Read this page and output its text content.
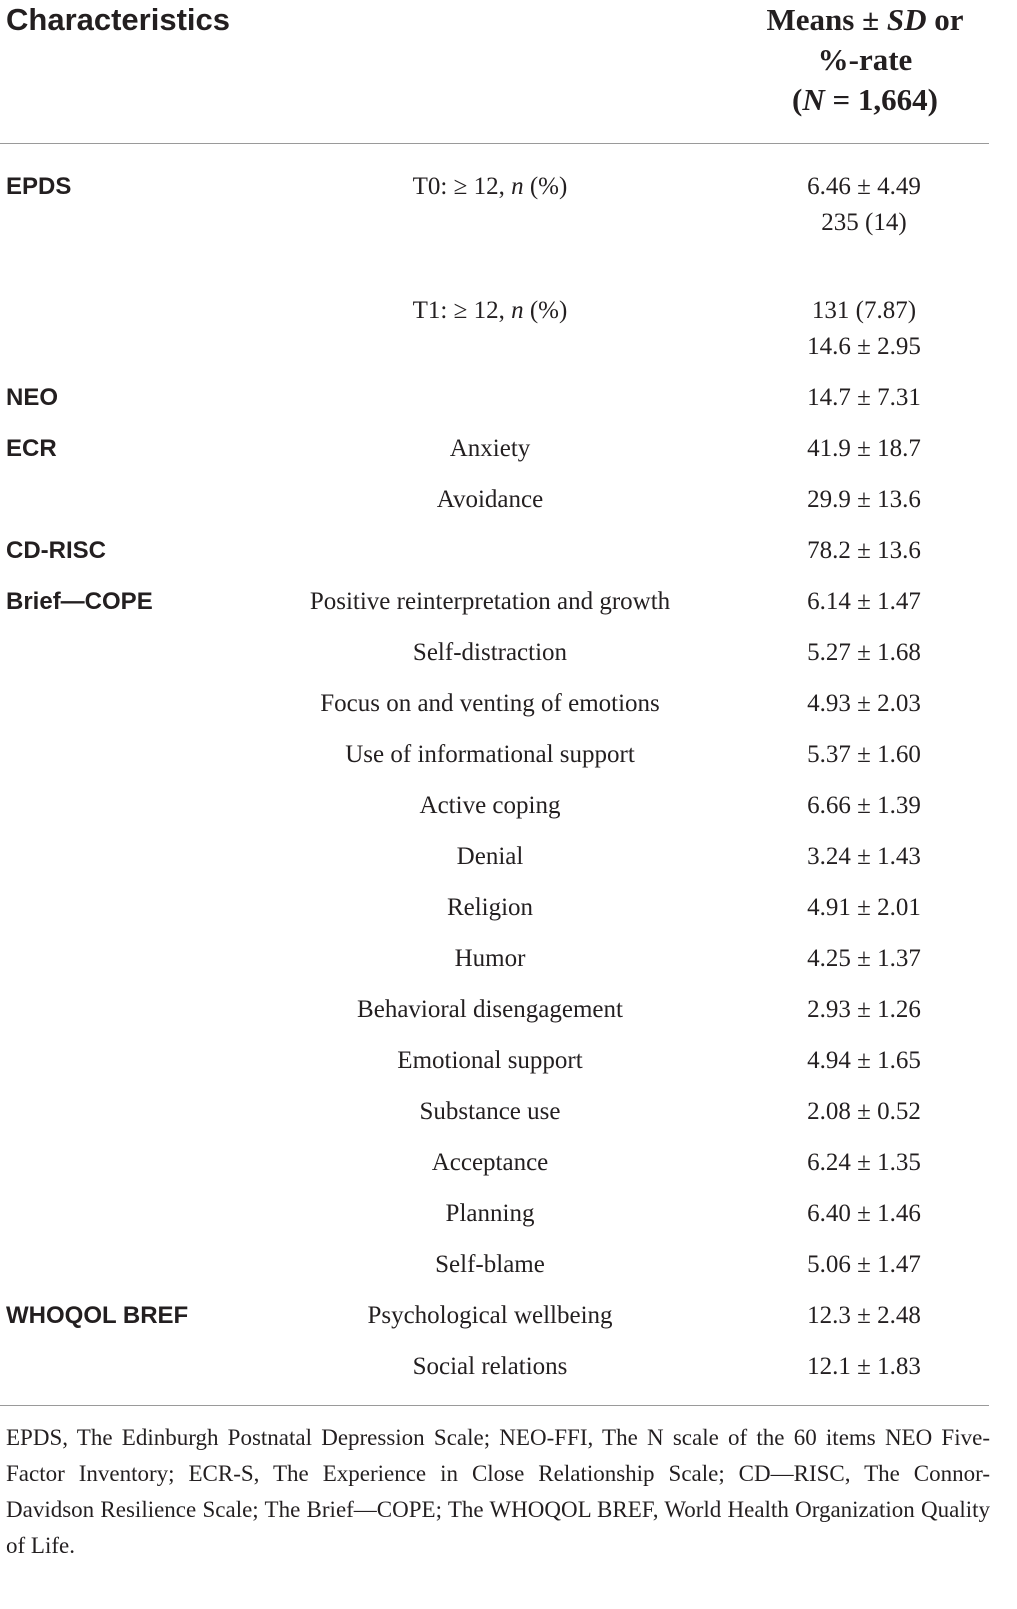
Characteristics	Means ± SD or
%-rate
(N = 1,664)
EPDS	T0: ≥ 12, n (%)	6.46 ± 4.49
235 (14)
T1: ≥ 12, n (%)	131 (7.87)
14.6 ± 2.95
NEO	14.7 ± 7.31
ECR	Anxiety	41.9 ± 18.7
Avoidance	29.9 ± 13.6
CD-RISC	78.2 ± 13.6
Brief—COPE	Positive reinterpretation and growth	6.14 ± 1.47
Self-distraction	5.27 ± 1.68
Focus on and venting of emotions	4.93 ± 2.03
Use of informational support	5.37 ± 1.60
Active coping	6.66 ± 1.39
Denial	3.24 ± 1.43
Religion	4.91 ± 2.01
Humor	4.25 ± 1.37
Behavioral disengagement	2.93 ± 1.26
Emotional support	4.94 ± 1.65
Substance use	2.08 ± 0.52
Acceptance	6.24 ± 1.35
Planning	6.40 ± 1.46
Self-blame	5.06 ± 1.47
WHOQOL BREF	Psychological wellbeing	12.3 ± 2.48
Social relations	12.1 ± 1.83
EPDS, The Edinburgh Postnatal Depression Scale; NEO-FFI, The N scale of the 60 items NEO Five-Factor Inventory; ECR-S, The Experience in Close Relationship Scale; CD—RISC, The Connor- Davidson Resilience Scale; The Brief—COPE; The WHOQOL BREF, World Health Organization Quality of Life.
